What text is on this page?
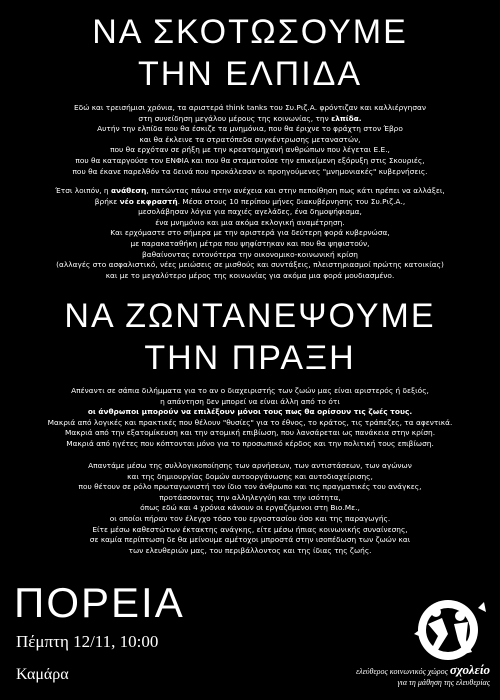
ΝΑ ΣΚΟΤΩΣΟΥΜΕ
ΤΗΝ ΕΛΠΙΔΑ
Εδώ και τρεισήμισι χρόνια, τα αριστερά think tanks του Συ.Ριζ.Α. φρόντιζαν και καλλιέργησαν
στη συνείδηση μεγάλου μέρους της κοινωνίας, την ελπίδα.
Αυτήν την ελπίδα που θα έσκιζε τα μνημόνια, που θα έριχνε το φράχτη στον Έβρο
και θα έκλεινε τα στρατόπεδα συγκέντρωσης μεταναστών,
που θα ερχόταν σε ρήξη με την κρεατομηχανή ανθρώπων που λέγεται Ε.Ε.,
που θα καταργούσε τον ΕΝΦΙΑ και που θα σταματούσε την επικείμενη εξόρυξη στις Σκουριές,
που θα έκανε παρελθόν τα δεινά που προκάλεσαν οι προηγούμενες "μνημονιακές" κυβερνήσεις.
Έτσι λοιπόν, η ανάθεση, πατώντας πάνω στην ανέχεια και στην πεποίθηση πως κάτι πρέπει να αλλάξει,
βρήκε νέο εκφραστή. Μέσα στους 10 περίπου μήνες διακυβέρνησης του Συ.Ριζ.Α.,
μεσολάβησαν λόγια για παχιές αγελάδες, ένα δημοψήφισμα,
ένα μνημόνιο και μια ακόμα εκλογική αναμέτρηση.
Και ερχόμαστε στο σήμερα με την αριστερά για δεύτερη φορά κυβερνώσα,
με παρακαταθήκη μέτρα που ψηφίστηκαν και που θα ψηφιστούν,
βαθαίνοντας εντονότερα την οικονομικο-κοινωνική κρίση
(αλλαγές στο ασφαλιστικό, νέες μειώσεις σε μισθούς και συντάξεις, πλειστηριασμοί πρώτης κατοικίας)
και με το μεγαλύτερο μέρος της κοινωνίας για ακόμα μια φορά μουδιασμένο.
ΝΑ ΖΩΝΤΑΝΕΨΟΥΜΕ
ΤΗΝ ΠΡΑΞΗ
Απέναντι σε σάπια διλήμματα για το αν ο διαχειριστής των ζωών μας είναι αριστερός ή δεξιός,
η απάντηση δεν μπορεί να είναι άλλη από το ότι
οι άνθρωποι μπορούν να επιλέξουν μόνοι τους πως θα ορίσουν τις ζωές τους.
Μακριά από λογικές και πρακτικές που θέλουν "θυσίες" για το έθνος, το κράτος, τις τράπεζες, τα αφεντικά.
Μακριά από την εξατομίκευση και την ατομική επιβίωση, που λανσάρεται ως πανάκεια στην κρίση.
Μακριά από ηγέτες που κόπτονται μόνο για το προσωπικό κέρδος και την πολιτική τους επιβίωση.
Απαντάμε μέσω της συλλογικοποίησης των αρνήσεων, των αντιστάσεων, των αγώνων
και της δημιουργίας δομών αυτοοργάνωσης και αυτοδιαχείρισης,
που θέτουν σε ρόλο πρωταγωνιστή τον ίδιο τον άνθρωπο και τις πραγματικές του ανάγκες,
προτάσσοντας την αλληλεγγύη και την ισότητα,
όπως εδώ και 4 χρόνια κάνουν οι εργαζόμενοι στη Βιο.Με.,
οι οποίοι πήραν τον έλεγχο τόσο του εργοστασίου όσο και της παραγωγής.
Είτε μέσω καθεστώτων έκτακτης ανάγκης, είτε μέσω ήπιας κοινωνικής συναίνεσης,
σε καμία περίπτωση δε θα μείνουμε αμέτοχοι μπροστά στην ισοπέδωση των ζωών και
των ελευθεριών μας, του περιβάλλοντος και της ίδιας της ζωής.
ΠΟΡΕΙΑ
Πέμπτη 12/11, 10:00
Καμάρα	ελεύθερος κοινωνικός χώρος σχολείο
για τη μάθηση της ελευθερίας
